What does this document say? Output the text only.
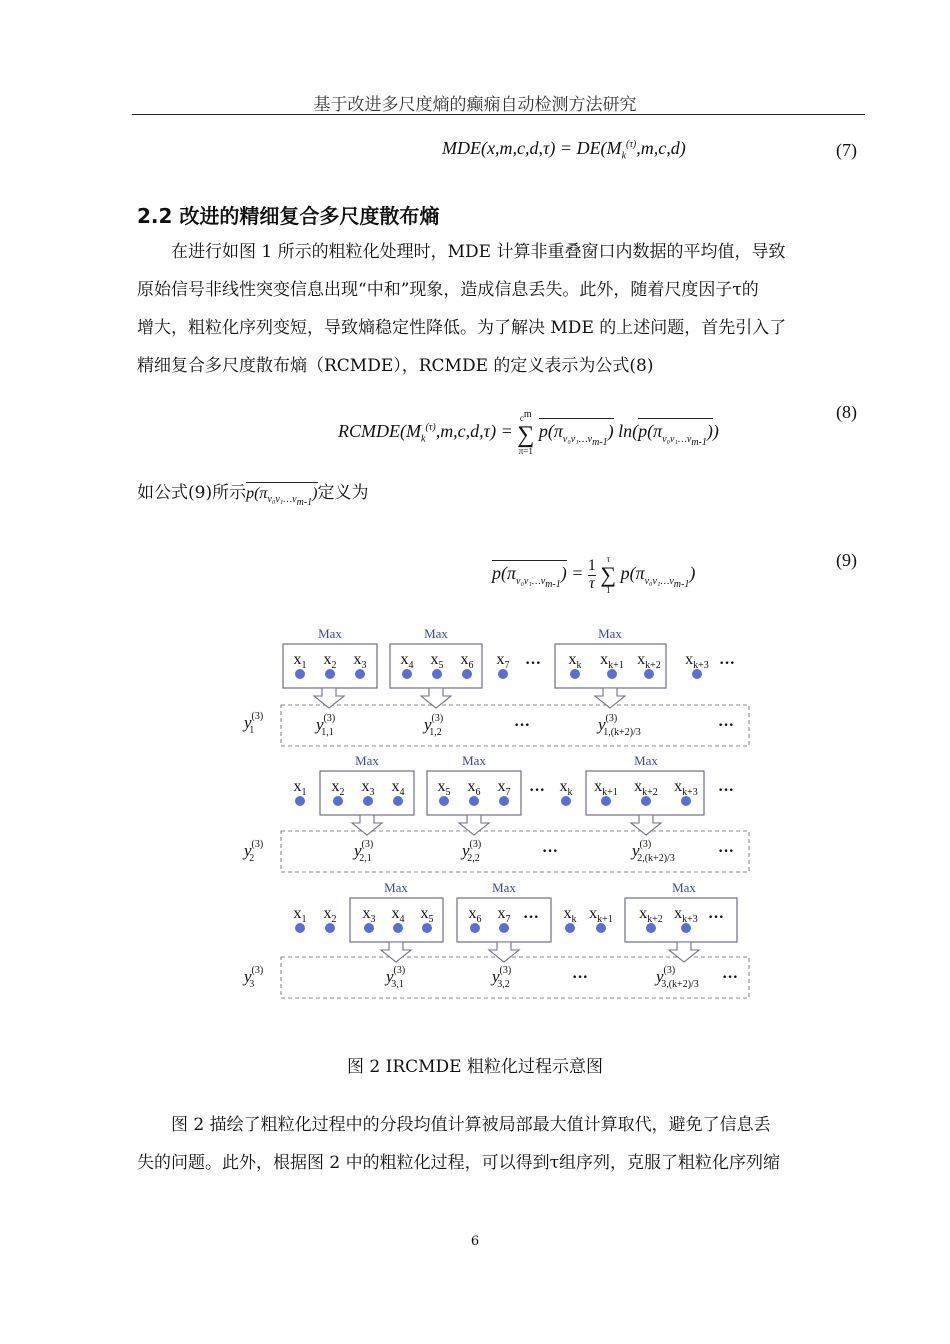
基于改进多尺度熵的癫痫自动检测方法研究
$MDE(x,m,c,d,\tau) = DE(M_k^{(\tau)},m,c,d)$	(7)
2.2 改进的精细复合多尺度散布熵
在进行如图 1 所示的粗粒化处理时，MDE 计算非重叠窗口内数据的平均值，导致
原始信号非线性突变信息出现“中和”现象，造成信息丢失。此外，随着尺度因子τ的
增大，粗粒化序列变短，导致熵稳定性降低。为了解决 MDE 的上述问题，首先引入了
精细复合多尺度散布熵（RCMDE），RCMDE 的定义表示为公式(8)
$RCMDE(M_k^{(\tau)},m,c,d,\tau)$ =
$c^m$
∑
π=1
$p(\pi_{v_0v_1\dots v_{m-1}})$ $\ln(p(\pi_{v_0v_1\dots v_{m-1}}))$
(8)
如公式(9)所示$p(\pi_{v_0v_1\dots v_{m-1}})$定义为
$p(\pi_{v_0v_1\dots v_{m-1}}) = \frac{1}{\tau}$
	τ
∑
1
$p(\pi_{v_0v_1\dots v_{m-1}})$
(9)
Max	Max	Max
Max	Max	Max
Max	Max	Max
$x_1$ $x_2$ $x_3$ $x_4$ $x_5$ $x_6$ $x_7$	$x_k$ $x_{k+1}$ $x_{k+2}$ $x_{k+3}$
$x_1$ $x_2$ $x_3$ $x_4$ $x_5$ $x_6$ $x_7$	$x_k$ $x_{k+1}$ $x_{k+2}$ $x_{k+3}$
$x_1$ $x_2$ $x_3$ $x_4$ $x_5$ $x_6$ $x_7$	$x_k$ $x_{k+1}$ $x_{k+2}$ $x_{k+3}$
···	···
···	···
···	···
···	···
···	···
···	···
$y^{(3)}$ 1
$y^{(3)}$ 2
$y^{(3)}$ 3
$y^{(3)}$ 1,1	$y^{(3)}$ 1,2	$y^{(3)}$ 1,(k+2)/3
$y^{(3)}$ 2,1	$y^{(3)}$ 2,2	$y^{(3)}$ 2,(k+2)/3
$y^{(3)}$ 3,1	$y^{(3)}$ 3,2	$y^{(3)}$ 3,(k+2)/3
图 2 IRCMDE 粗粒化过程示意图
图 2 描绘了粗粒化过程中的分段均值计算被局部最大值计算取代，避免了信息丢
失的问题。此外，根据图 2 中的粗粒化过程，可以得到τ组序列，克服了粗粒化序列缩
6
